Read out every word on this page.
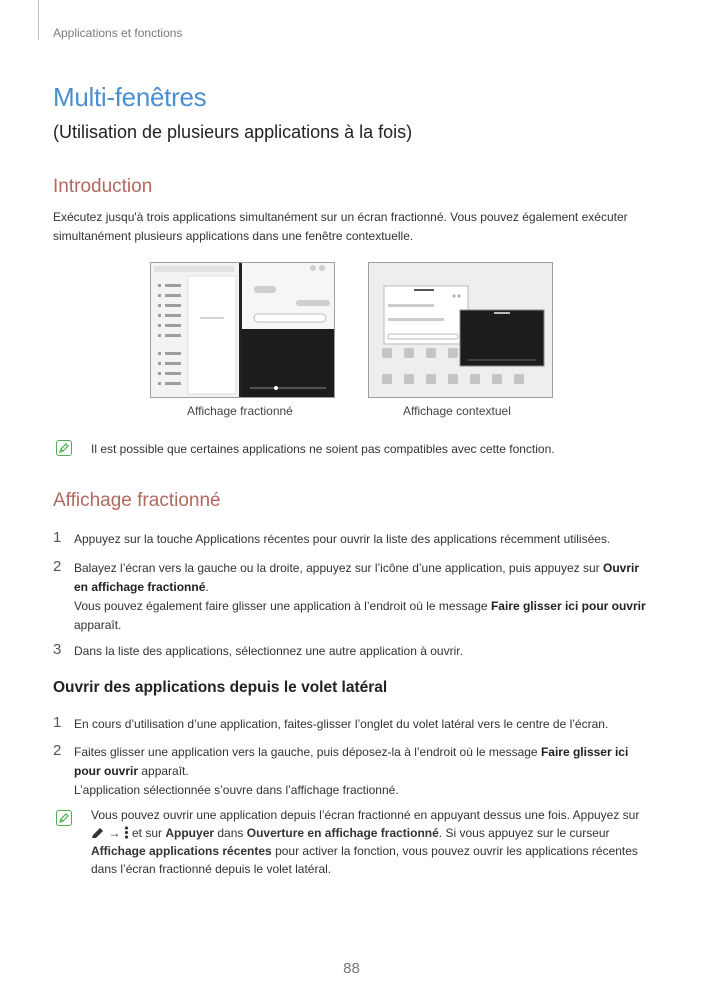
Applications et fonctions
Multi-fenêtres
(Utilisation de plusieurs applications à la fois)
Introduction

Exécutez jusqu'à trois applications simultanément sur un écran fractionné. Vous pouvez également exécuter simultanément plusieurs applications dans une fenêtre contextuelle.

Affichage fractionné	Affichage contextuel

Il est possible que certaines applications ne soient pas compatibles avec cette fonction.

Affichage fractionné
1 Appuyez sur la touche Applications récentes pour ouvrir la liste des applications récemment utilisées.
2 Balayez l’écran vers la gauche ou la droite, appuyez sur l’icône d’une application, puis appuyez sur Ouvrir en affichage fractionné.
Vous pouvez également faire glisser une application à l’endroit où le message Faire glisser ici pour ouvrir apparaît.
3 Dans la liste des applications, sélectionnez une autre application à ouvrir.
Ouvrir des applications depuis le volet latéral
1 En cours d’utilisation d’une application, faites-glisser l’onglet du volet latéral vers le centre de l’écran.
2 Faites glisser une application vers la gauche, puis déposez-la à l’endroit où le message Faire glisser ici pour ouvrir apparaît.
L’application sélectionnée s’ouvre dans l’affichage fractionné.

Vous pouvez ouvrir une application depuis l’écran fractionné en appuyant dessus une fois. Appuyez sur  →  et sur Appuyer dans Ouverture en affichage fractionné. Si vous appuyez sur le curseur Affichage applications récentes pour activer la fonction, vous pouvez ouvrir les applications récentes dans l’écran fractionné depuis le volet latéral.

88
